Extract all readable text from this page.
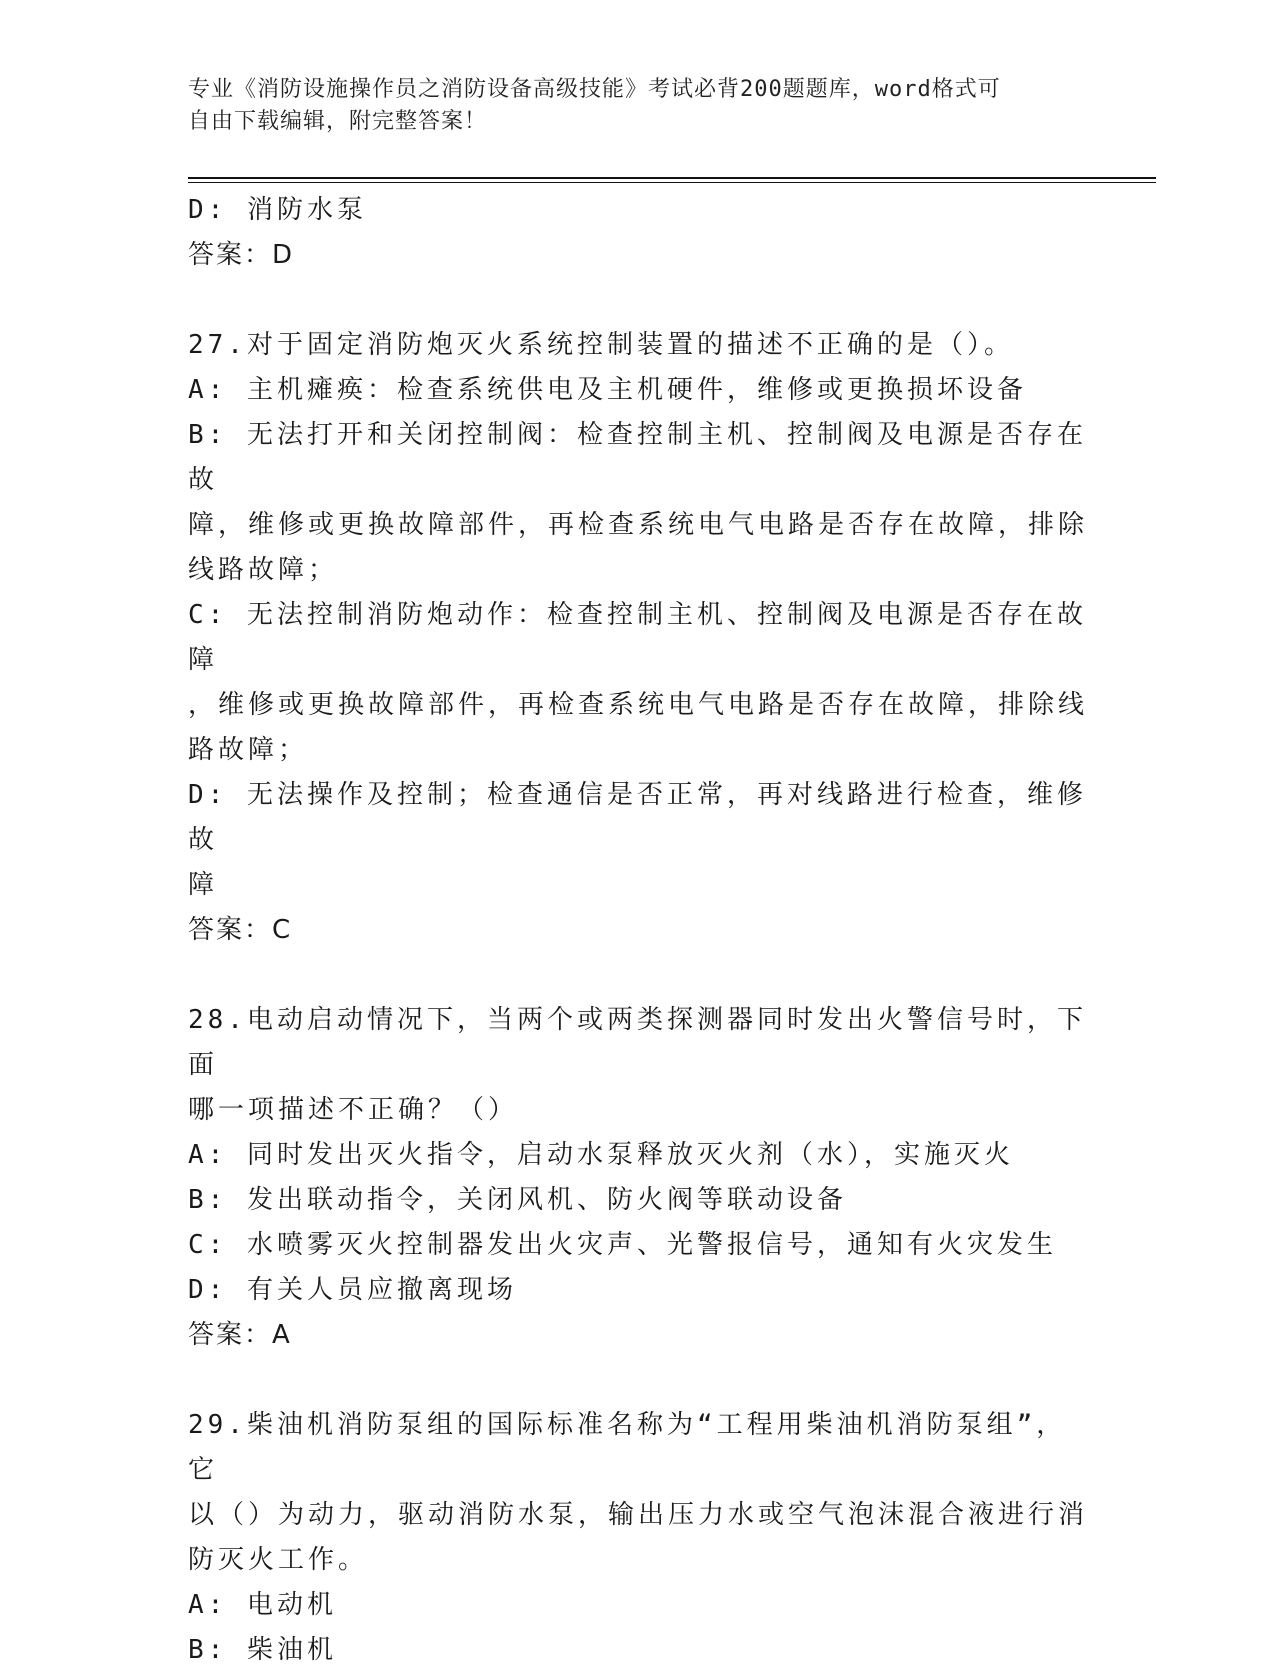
专业《消防设施操作员之消防设备高级技能》考试必背200题题库，word格式可
自由下载编辑，附完整答案！
D: 消防水泵
答案：D
27.对于固定消防炮灭火系统控制装置的描述不正确的是（）。
A: 主机瘫痪：检查系统供电及主机硬件，维修或更换损坏设备
B: 无法打开和关闭控制阀：检查控制主机、控制阀及电源是否存在故
障，维修或更换故障部件，再检查系统电气电路是否存在故障，排除
线路故障；
C: 无法控制消防炮动作：检查控制主机、控制阀及电源是否存在故障
，维修或更换故障部件，再检查系统电气电路是否存在故障，排除线
路故障；
D: 无法操作及控制；检查通信是否正常，再对线路进行检查，维修故
障
答案：C
28.电动启动情况下，当两个或两类探测器同时发出火警信号时，下面
哪一项描述不正确？（）
A: 同时发出灭火指令，启动水泵释放灭火剂（水），实施灭火
B: 发出联动指令，关闭风机、防火阀等联动设备
C: 水喷雾灭火控制器发出火灾声、光警报信号，通知有火灾发生
D: 有关人员应撤离现场
答案：A
29.柴油机消防泵组的国际标准名称为“工程用柴油机消防泵组”，它
以（）为动力，驱动消防水泵，输出压力水或空气泡沫混合液进行消
防灭火工作。
A: 电动机
B: 柴油机
